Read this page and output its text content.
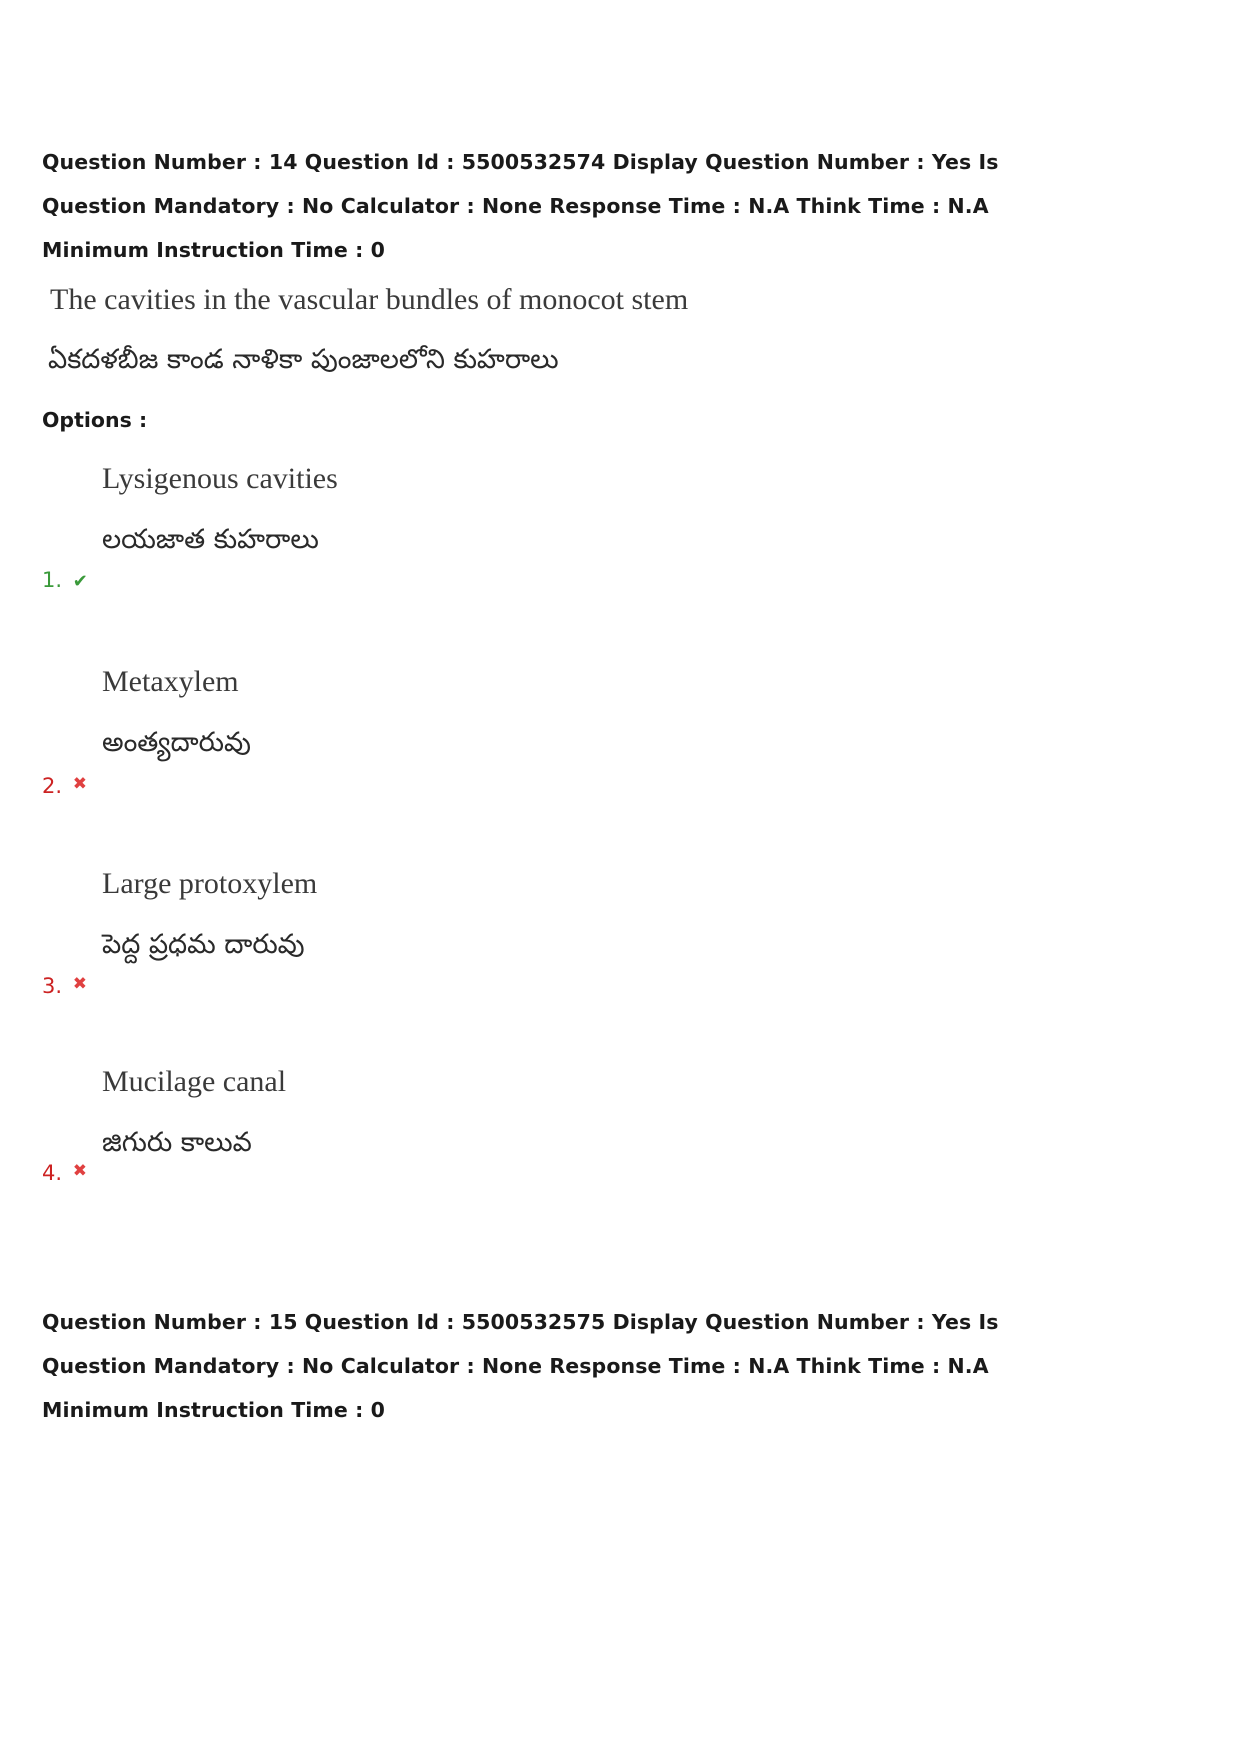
Question Number : 14 Question Id : 5500532574 Display Question Number : Yes Is Question Mandatory : No Calculator : None Response Time : N.A Think Time : N.A Minimum Instruction Time : 0
The cavities in the vascular bundles of monocot stem
ఏకదళబీజ కాండ నాళికా పుంజాలలోని కుహరాలు
Options :
Lysigenous cavities
లయజాత కుహరాలు
1. ✔
Metaxylem
అంత్యదారువు
2. ✖
Large protoxylem
పెద్ద ప్రధమ దారువు
3. ✖
Mucilage canal
జిగురు కాలువ
4. ✖
Question Number : 15 Question Id : 5500532575 Display Question Number : Yes Is Question Mandatory : No Calculator : None Response Time : N.A Think Time : N.A Minimum Instruction Time : 0
